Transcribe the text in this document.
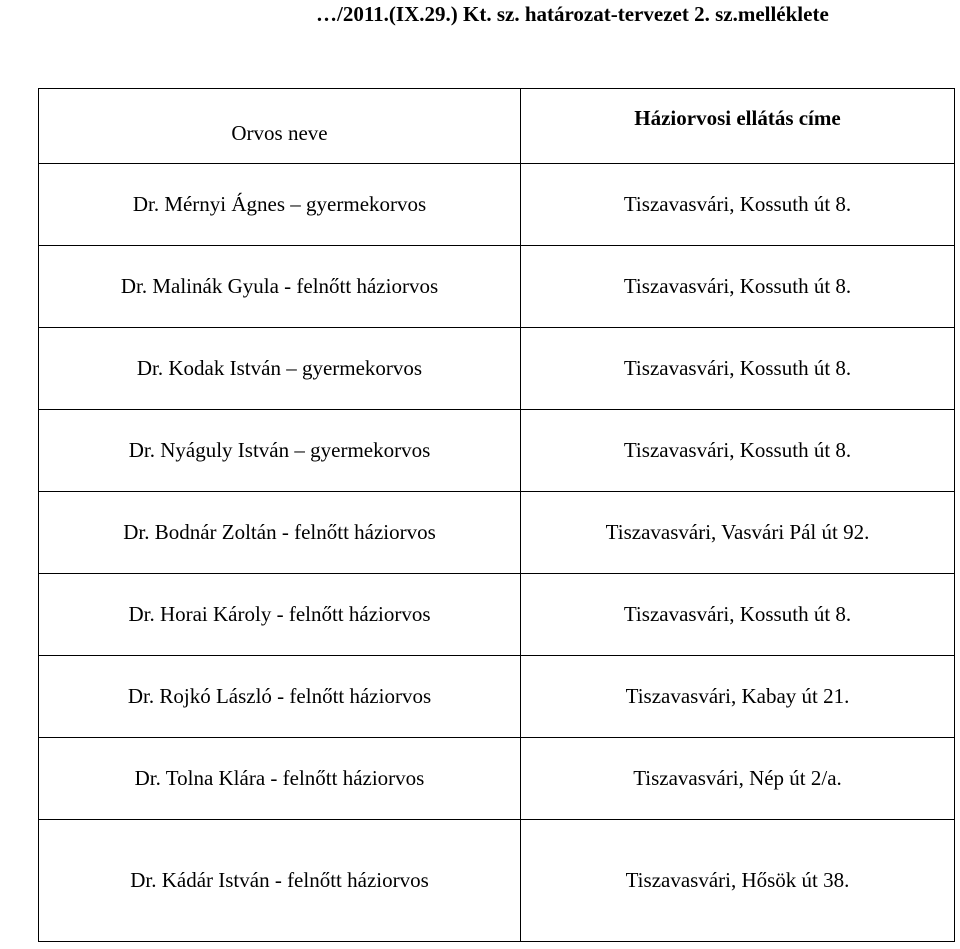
…/2011.(IX.29.) Kt. sz. határozat-tervezet 2. sz.melléklete
Orvos neve	Háziorvosi ellátás címe
Dr. Mérnyi Ágnes – gyermekorvos	Tiszavasvári, Kossuth út 8.
Dr. Malinák Gyula - felnőtt háziorvos	Tiszavasvári, Kossuth út 8.
Dr. Kodak István – gyermekorvos	Tiszavasvári, Kossuth út 8.
Dr. Nyáguly István – gyermekorvos	Tiszavasvári, Kossuth út 8.
Dr. Bodnár Zoltán - felnőtt háziorvos	Tiszavasvári, Vasvári Pál út 92.
Dr. Horai Károly - felnőtt háziorvos	Tiszavasvári, Kossuth út 8.
Dr. Rojkó László - felnőtt háziorvos	Tiszavasvári, Kabay út 21.
Dr. Tolna Klára - felnőtt háziorvos	Tiszavasvári, Nép út 2/a.
Dr. Kádár István - felnőtt háziorvos	Tiszavasvári, Hősök út 38.
